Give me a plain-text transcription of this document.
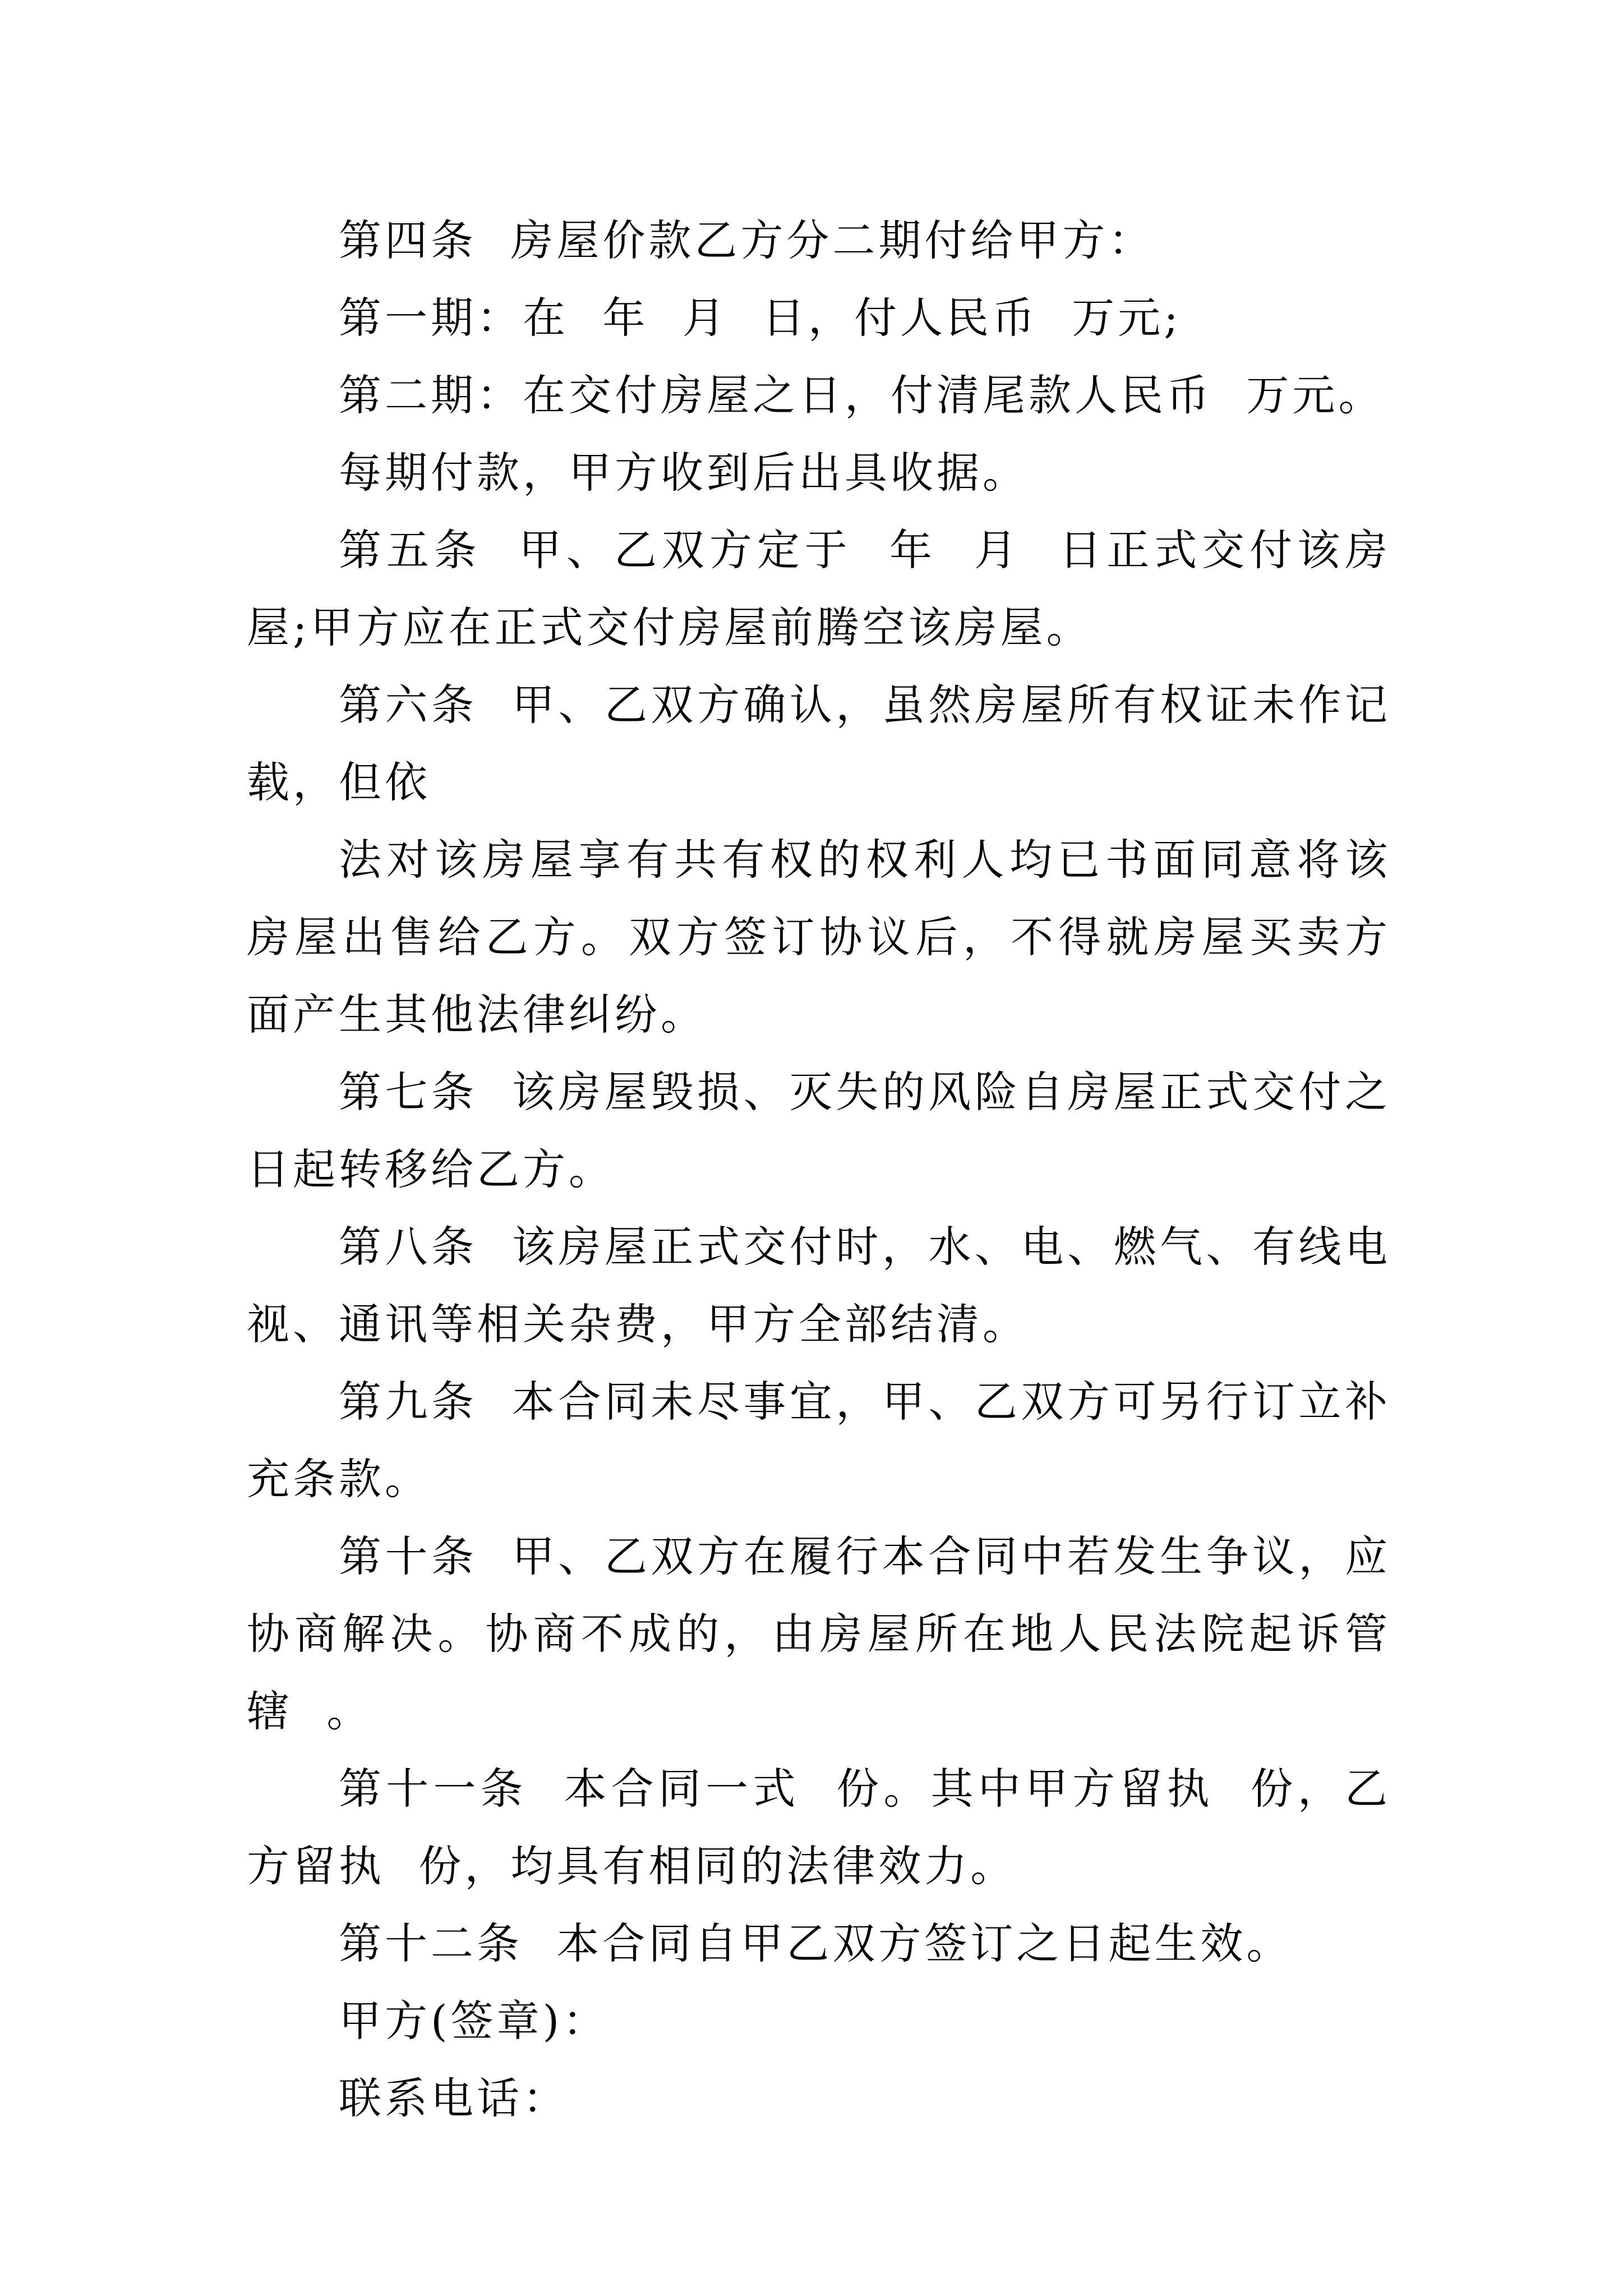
第四条  房屋价款乙方分二期付给甲方：

第一期：在  年  月  日，付人民币  万元;

第二期：在交付房屋之日，付清尾款人民币  万元。

每期付款，甲方收到后出具收据。

第五条  甲、乙双方定于  年  月  日正式交付该房屋;甲方应在正式交付房屋前腾空该房屋。

第六条  甲、乙双方确认，虽然房屋所有权证未作记载，但依

法对该房屋享有共有权的权利人均已书面同意将该房屋出售给乙方。双方签订协议后，不得就房屋买卖方面产生其他法律纠纷。

第七条  该房屋毁损、灭失的风险自房屋正式交付之日起转移给乙方。

第八条  该房屋正式交付时，水、电、燃气、有线电视、通讯等相关杂费，甲方全部结清。

第九条  本合同未尽事宜，甲、乙双方可另行订立补充条款。

第十条  甲、乙双方在履行本合同中若发生争议，应协商解决。协商不成的，由房屋所在地人民法院起诉管辖  。

第十一条  本合同一式  份。其中甲方留执  份，乙方留执  份，均具有相同的法律效力。

第十二条  本合同自甲乙双方签订之日起生效。

甲方(签章)：

联系电话：
